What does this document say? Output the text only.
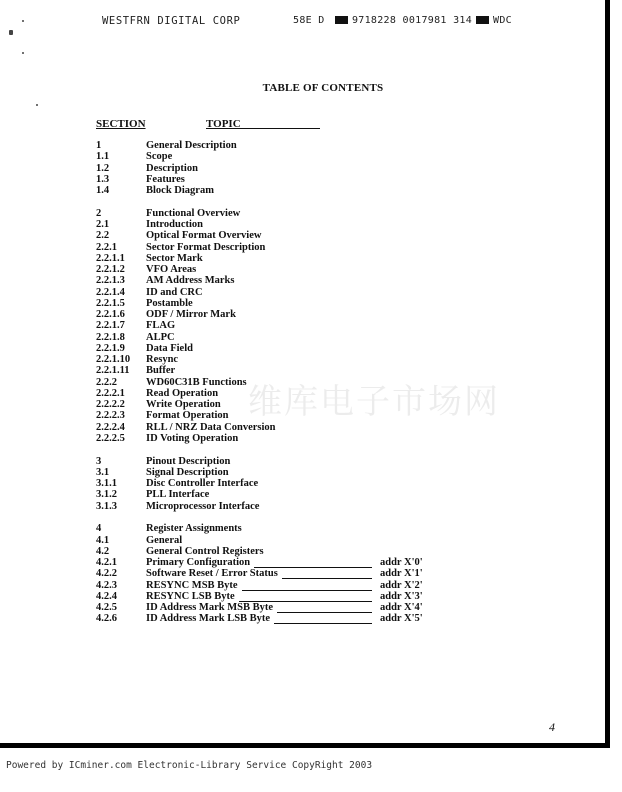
WESTFRN DIGITAL CORP	58E D	9718228 0017981 314 WDC
TABLE OF CONTENTS
SECTION	TOPIC
1	General Description
1.1	Scope
1.2	Description
1.3	Features
1.4	Block Diagram
2	Functional Overview
2.1	Introduction
2.2	Optical Format Overview
2.2.1	Sector Format Description
2.2.1.1	Sector Mark
2.2.1.2	VFO Areas
2.2.1.3	AM Address Marks
2.2.1.4	ID and CRC
2.2.1.5	Postamble
2.2.1.6	ODF / Mirror Mark
2.2.1.7	FLAG
2.2.1.8	ALPC
2.2.1.9	Data Field
2.2.1.10	Resync
2.2.1.11	Buffer
2.2.2	WD60C31B Functions
2.2.2.1	Read Operation
2.2.2.2	Write Operation
2.2.2.3	Format Operation
2.2.2.4	RLL / NRZ Data Conversion
2.2.2.5	ID Voting Operation
3	Pinout Description
3.1	Signal Description
3.1.1	Disc Controller Interface
3.1.2	PLL Interface
3.1.3	Microprocessor Interface
4	Register Assignments
4.1	General
4.2	General Control Registers
4.2.1	Primary Configuration	addr X'0'
4.2.2	Software Reset / Error Status	addr X'1'
4.2.3	RESYNC MSB Byte	addr X'2'
4.2.4	RESYNC LSB Byte	addr X'3'
4.2.5	ID Address Mark MSB Byte	addr X'4'
4.2.6	ID Address Mark LSB Byte	addr X'5'
维库电子市场网
4
Powered by ICminer.com Electronic-Library Service CopyRight 2003
